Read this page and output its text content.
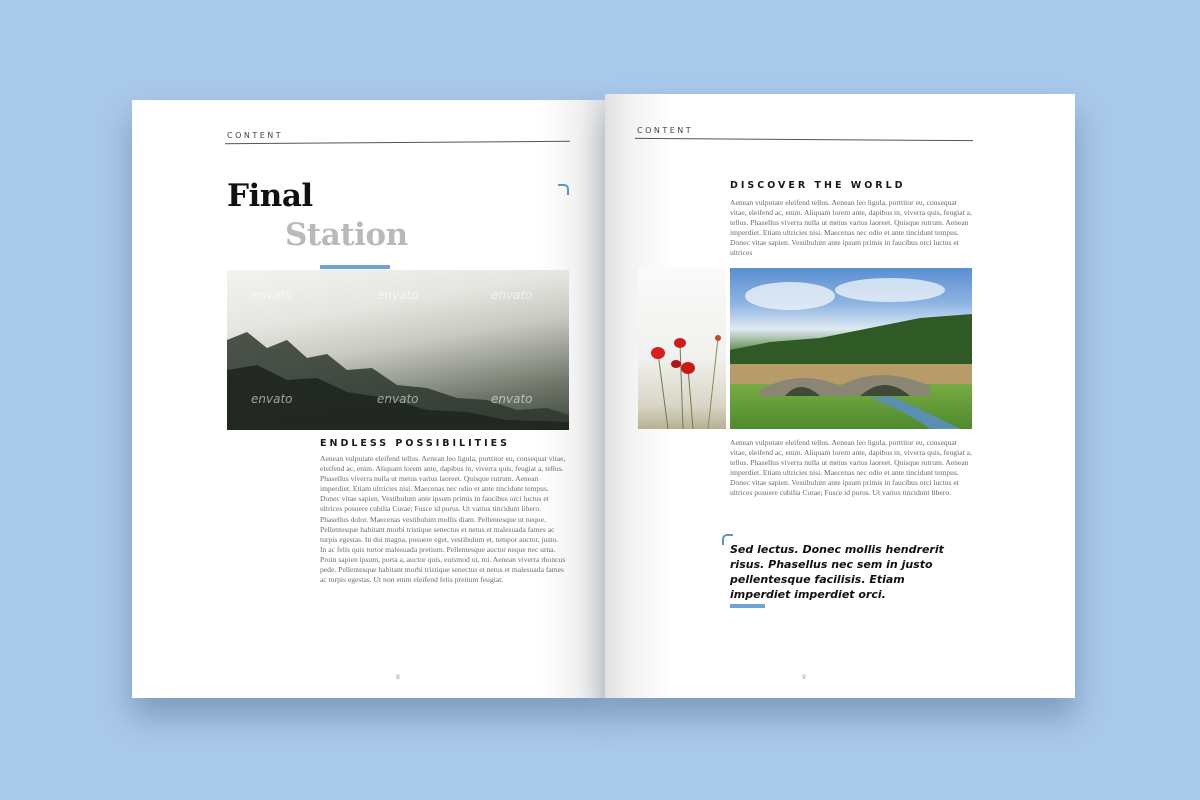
CONTENT
Final
Station
envato	envato	envato
envato	envato	envato
ENDLESS POSSIBILITIES
Aenean vulputate eleifend tellus. Aenean leo ligula, porttitor eu, consequat vitae, eleifend ac, enim. Aliquam lorem ante, dapibus in, viverra quis, feugiat a, tellus. Phasellus viverra nulla ut metus varius laoreet. Quisque rutrum. Aenean imperdiet. Etiam ultricies nisi. Maecenas nec odio et ante tincidunt tempus. Donec vitae sapien. Vestibulum ante ipsum primis in faucibus orci luctus et ultrices posuere cubilia Curae; Fusce id purus. Ut varius tincidunt libero. Phasellus dolor. Maecenas vestibulum mollis diam. Pellentesque ut neque. Pellentesque habitant morbi tristique senectus et netus et malesuada fames ac turpis egestas. In dui magna, posuere eget, vestibulum et, tempor auctor, justo. In ac felis quis tortor malesuada pretium. Pellentesque auctor neque nec urna. Proin sapien ipsum, porta a, auctor quis, euismod ut, mi. Aenean viverra rhoncus pede. Pellentesque habitant morbi tristique senectus et netus et malesuada fames ac turpis egestas. Ut non enim eleifend felis pretium feugiat.
8
CONTENT
DISCOVER THE WORLD
Aenean vulputate eleifend tellus. Aenean leo ligula, porttitor eu, consequat vitae, eleifend ac, enim. Aliquam lorem ante, dapibus in, viverra quis, feugiat a, tellus. Phasellus viverra nulla ut metus varius laoreet. Quisque rutrum. Aenean imperdiet. Etiam ultricies nisi. Maecenas nec odio et ante tincidunt tempus. Donec vitae sapien. Vestibulum ante ipsum primis in faucibus orci luctus et ultrices
Aenean vulputate eleifend tellus. Aenean leo ligula, porttitor eu, consequat vitae, eleifend ac, enim. Aliquam lorem ante, dapibus in, viverra quis, feugiat a, tellus. Phasellus viverra nulla ut metus varius laoreet. Quisque rutrum. Aenean imperdiet. Etiam ultricies nisi. Maecenas nec odio et ante tincidunt tempus. Donec vitae sapien. Vestibulum ante ipsum primis in faucibus orci luctus et ultrices posuere cubilia Curae; Fusce id purus. Ut varius tincidunt libero.
Sed lectus. Donec mollis hendrerit risus. Phasellus nec sem in justo pellentesque facilisis. Etiam imperdiet imperdiet orci.
9
